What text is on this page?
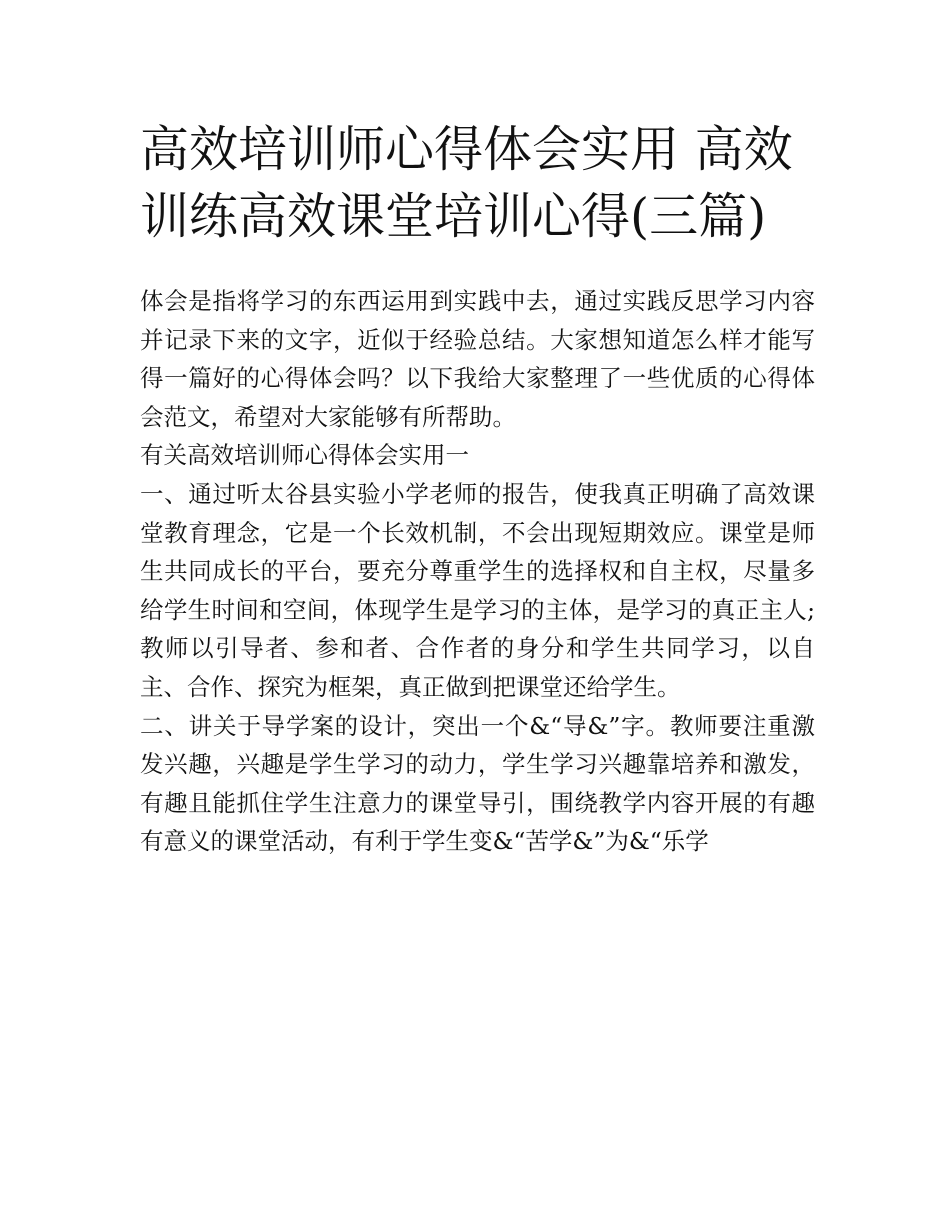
高效培训师心得体会实用 高效训练高效课堂培训心得(三篇)

体会是指将学习的东西运用到实践中去，通过实践反思学习内容并记录下来的文字，近似于经验总结。大家想知道怎么样才能写得一篇好的心得体会吗？以下我给大家整理了一些优质的心得体会范文，希望对大家能够有所帮助。

有关高效培训师心得体会实用一

一、通过听太谷县实验小学老师的报告，使我真正明确了高效课堂教育理念，它是一个长效机制，不会出现短期效应。课堂是师生共同成长的平台，要充分尊重学生的选择权和自主权，尽量多给学生时间和空间，体现学生是学习的主体，是学习的真正主人;教师以引导者、参和者、合作者的身分和学生共同学习，以自主、合作、探究为框架，真正做到把课堂还给学生。

二、讲关于导学案的设计，突出一个&“导&”字。教师要注重激发兴趣，兴趣是学生学习的动力，学生学习兴趣靠培养和激发，有趣且能抓住学生注意力的课堂导引，围绕教学内容开展的有趣有意义的课堂活动，有利于学生变&“苦学&”为&“乐学
